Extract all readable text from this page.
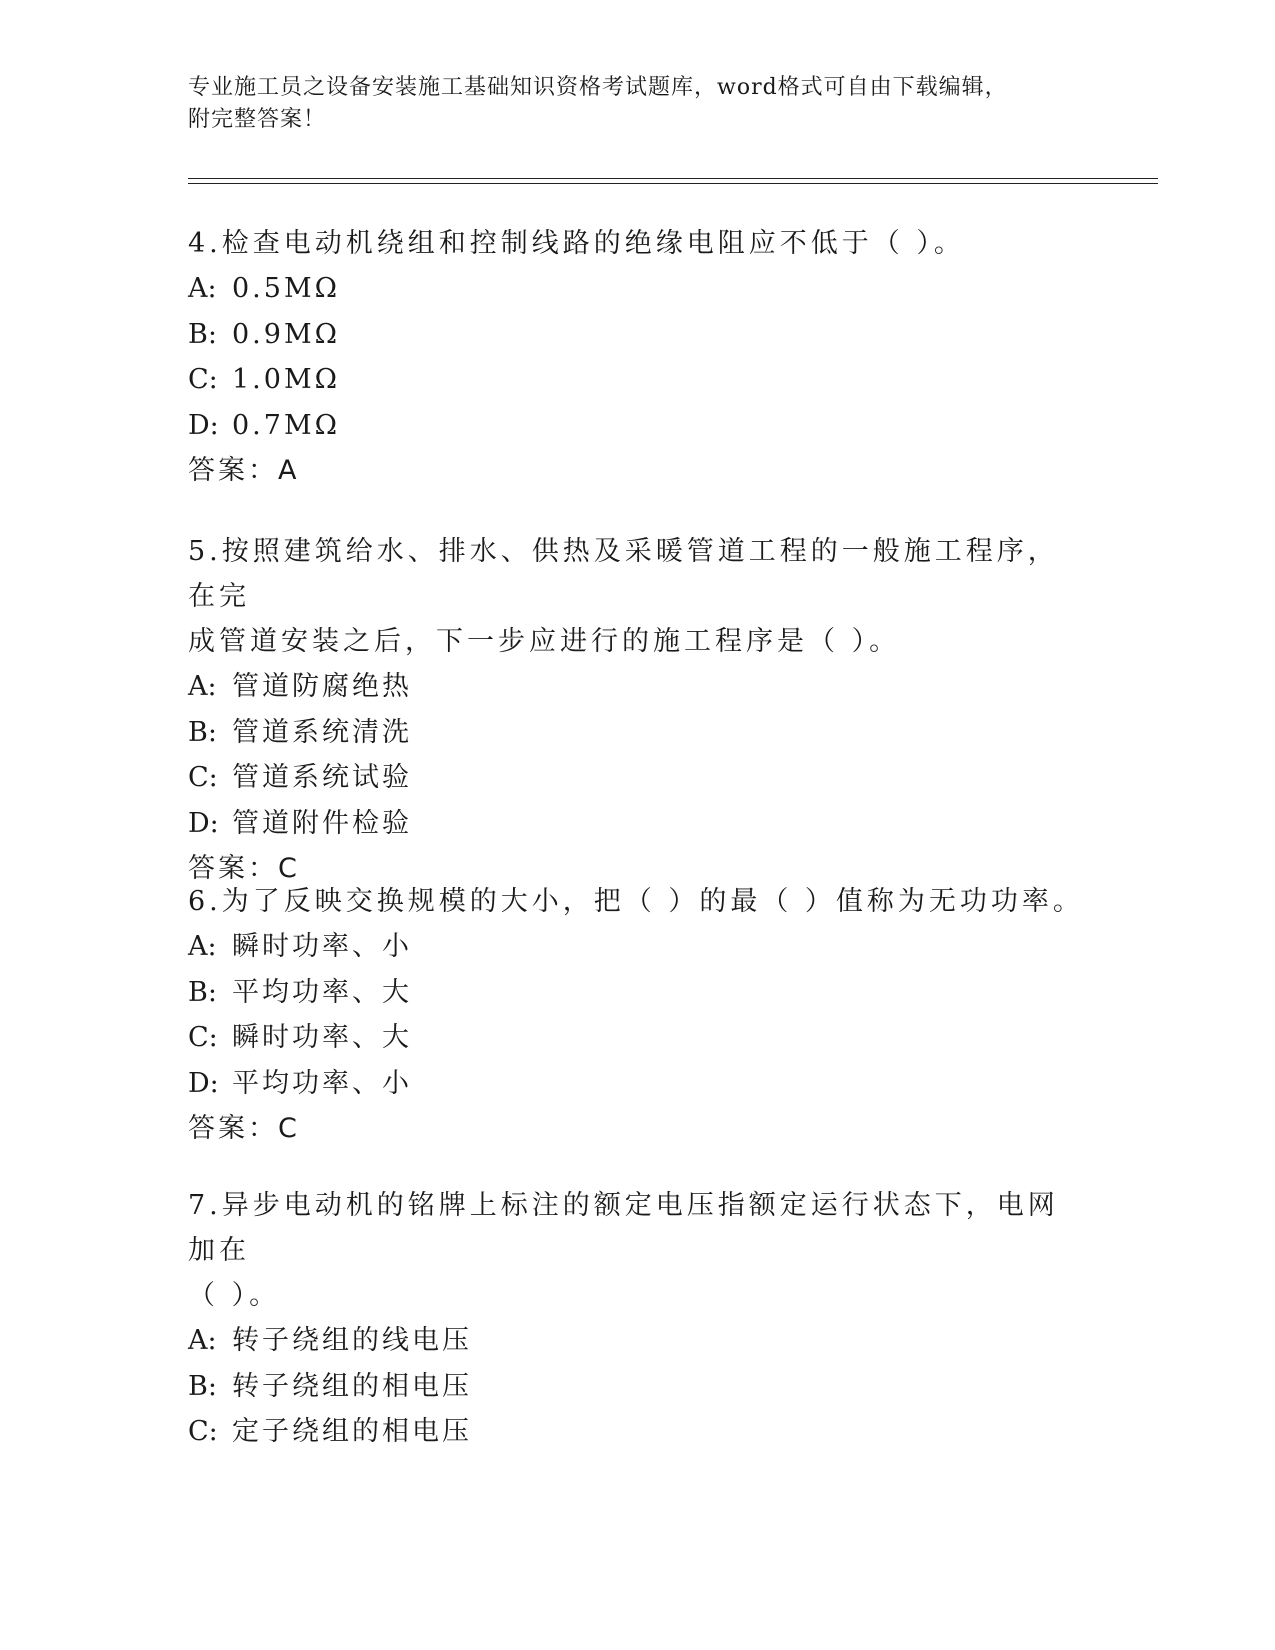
专业施工员之设备安装施工基础知识资格考试题库，word格式可自由下载编辑，
附完整答案！
4.检查电动机绕组和控制线路的绝缘电阻应不低于（ ）。
A: 0.5MΩ
B: 0.9MΩ
C: 1.0MΩ
D: 0.7MΩ
答案：A
5.按照建筑给水、排水、供热及采暖管道工程的一般施工程序，在完
成管道安装之后，下一步应进行的施工程序是（ ）。
A: 管道防腐绝热
B: 管道系统清洗
C: 管道系统试验
D: 管道附件检验
答案：C
6.为了反映交换规模的大小，把（ ）的最（ ）值称为无功功率。
A: 瞬时功率、小
B: 平均功率、大
C: 瞬时功率、大
D: 平均功率、小
答案：C
7.异步电动机的铭牌上标注的额定电压指额定运行状态下，电网加在
（ ）。
A: 转子绕组的线电压
B: 转子绕组的相电压
C: 定子绕组的相电压
